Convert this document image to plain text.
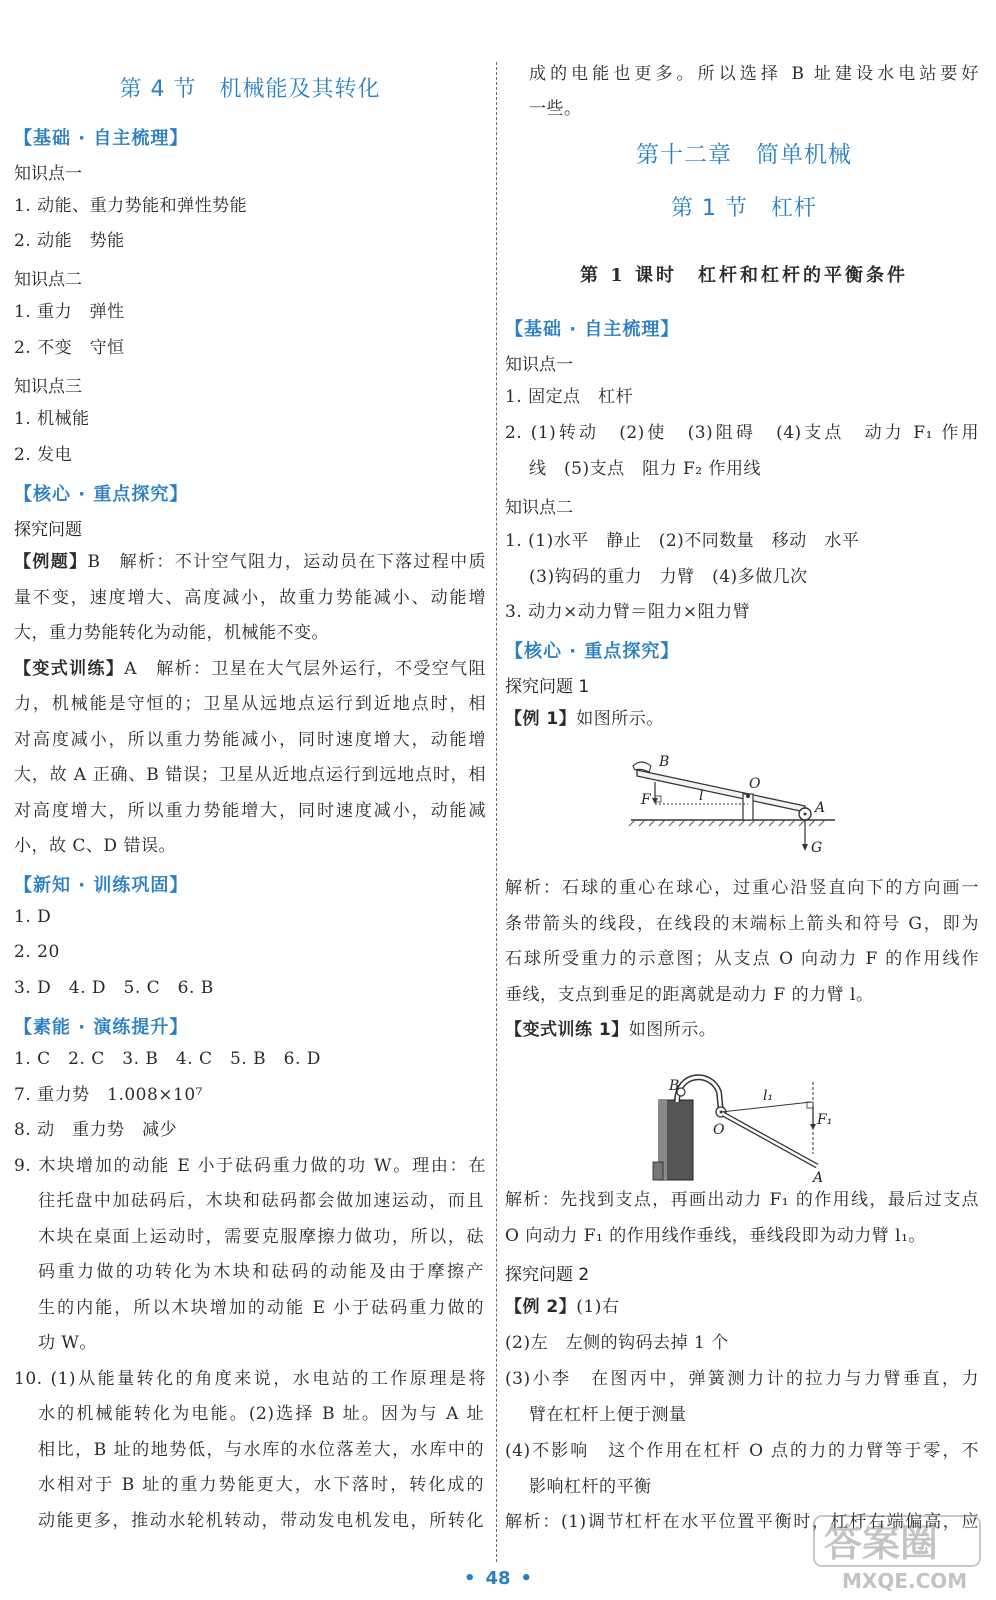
第 4 节　机械能及其转化
【基础 · 自主梳理】
知识点一
1. 动能、重力势能和弹性势能
2. 动能　势能
知识点二
1. 重力　弹性
2. 不变　守恒
知识点三
1. 机械能
2. 发电
【核心 · 重点探究】
探究问题
【例题】B　解析：不计空气阻力，运动员在下落过程中质
量不变，速度增大、高度减小，故重力势能减小、动能增
大，重力势能转化为动能，机械能不变。
【变式训练】A　解析：卫星在大气层外运行，不受空气阻
力，机械能是守恒的；卫星从远地点运行到近地点时，相
对高度减小，所以重力势能减小，同时速度增大，动能增
大，故 A 正确、B 错误；卫星从近地点运行到远地点时，相
对高度增大，所以重力势能增大，同时速度减小，动能减
小，故 C、D 错误。
【新知 · 训练巩固】
1. D
2. 20
3. D　4. D　5. C　6. B
【素能 · 演练提升】
1. C　2. C　3. B　4. C　5. B　6. D
7. 重力势　1.008×10⁷
8. 动　重力势　减少
9. 木块增加的动能 E 小于砝码重力做的功 W。理由：在
往托盘中加砝码后，木块和砝码都会做加速运动，而且
木块在桌面上运动时，需要克服摩擦力做功，所以，砝
码重力做的功转化为木块和砝码的动能及由于摩擦产
生的内能，所以木块增加的动能 E 小于砝码重力做的
功 W。
10. (1)从能量转化的角度来说，水电站的工作原理是将
水的机械能转化为电能。(2)选择 B 址。因为与 A 址
相比，B 址的地势低，与水库的水位落差大，水库中的
水相对于 B 址的重力势能更大，水下落时，转化成的
动能更多，推动水轮机转动，带动发电机发电，所转化
成的电能也更多。所以选择 B 址建设水电站要好
一些。
第十二章　简单机械
第 1 节　杠杆
第 1 课时　杠杆和杠杆的平衡条件
【基础 · 自主梳理】
知识点一
1. 固定点　杠杆
2. (1)转动　(2)使　(3)阻碍　(4)支点　动力 F₁ 作用
线　(5)支点　阻力 F₂ 作用线
知识点二
1. (1)水平　静止　(2)不同数量　移动　水平
(3)钩码的重力　力臂　(4)多做几次
3. 动力×动力臂＝阻力×阻力臂
【核心 · 重点探究】
探究问题 1
【例 1】如图所示。
B
O
F	l
A
G
解析：石球的重心在球心，过重心沿竖直向下的方向画一
条带箭头的线段，在线段的末端标上箭头和符号 G，即为
石球所受重力的示意图；从支点 O 向动力 F 的作用线作
垂线，支点到垂足的距离就是动力 F 的力臂 l。
【变式训练 1】如图所示。
B
l₁
F₁
O
A
解析：先找到支点，再画出动力 F₁ 的作用线，最后过支点
O 向动力 F₁ 的作用线作垂线，垂线段即为动力臂 l₁。
探究问题 2
【例 2】(1)右
(2)左　左侧的钩码去掉 1 个
(3)小李　在图丙中，弹簧测力计的拉力与力臂垂直，力
臂在杠杆上便于测量
(4)不影响　这个作用在杠杆 O 点的力的力臂等于零，不
影响杠杆的平衡
解析：(1)调节杠杆在水平位置平衡时，杠杆右端偏高，应
• 48 •
答案圈
MXQE.COM
